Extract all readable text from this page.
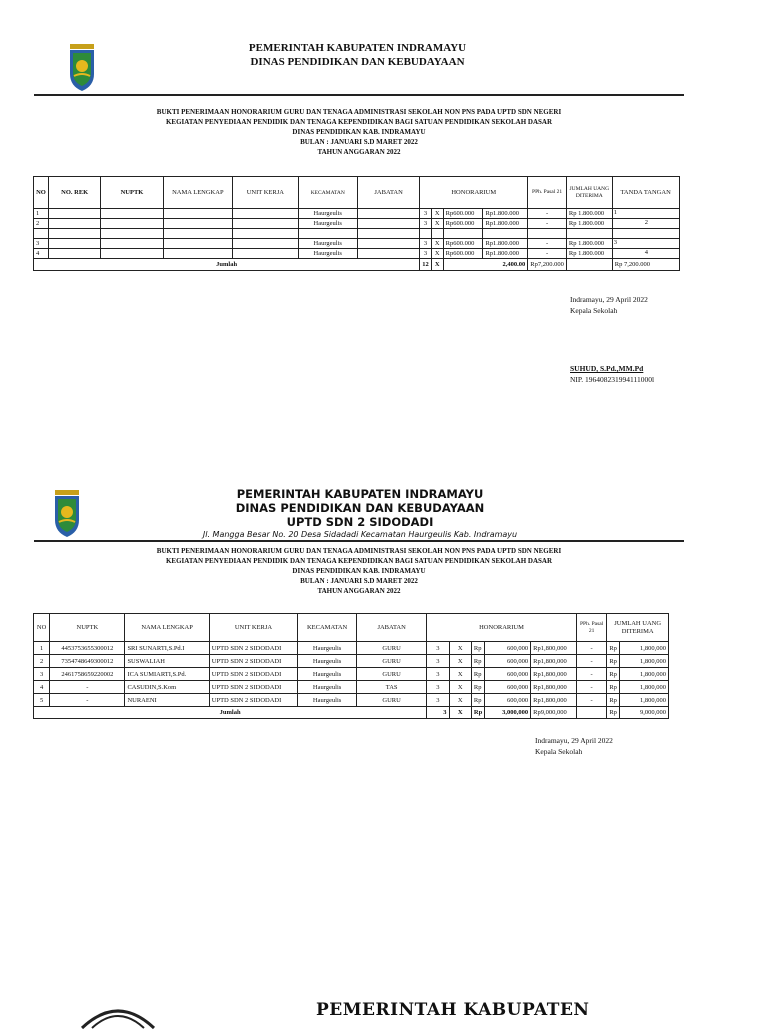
PEMERINTAH KABUPATEN INDRAMAYU
DINAS PENDIDIKAN DAN KEBUDAYAAN
BUKTI PENERIMAAN HONORARIUM GURU DAN TENAGA ADMINISTRASI SEKOLAH NON PNS PADA UPTD SDN NEGERI
KEGIATAN PENYEDIAAN PENDIDIK DAN TENAGA KEPENDIDIKAN BAGI SATUAN PENDIDIKAN SEKOLAH DASAR
DINAS PENDIDIKAN KAB. INDRAMAYU
BULAN : JANUARI S.D MARET 2022
TAHUN ANGGARAN 2022
NO	NO. REK	NUPTK	NAMA LENGKAP	UNIT KERJA	KECAMATAN	JABATAN	HONORARIUM				PPh. Pasal 21	JUMLAH UANG DITERIMA	TANDA TANGAN	
1					Haurgeulis		3	X	Rp600.000	Rp1.800.000	-	Rp 1.800.000	1	

2					Haurgeulis		3	X	Rp600.000	Rp1.800.000	-	Rp 1.800.000	2	

3					Haurgeulis		3	X	Rp600.000	Rp1.800.000	-	Rp 1.800.000	3	

4					Haurgeulis		3	X	Rp600.000	Rp1.800.000	-	Rp 1.800.000	4	

Jumlah							12	X	2,400.00		Rp7,200.000		Rp 7,200.000	
Indramayu, 29 April 2022
Kepala Sekolah
SUHUD, S.Pd.,MM.Pd
NIP. 196408231994111000l
PEMERINTAH KABUPATEN INDRAMAYU
DINAS PENDIDIKAN DAN KEBUDAYAAN
UPTD SDN 2 SIDODADI
Jl. Mangga Besar No. 20 Desa Sidadadi Kecamatan Haurgeulis Kab. Indramayu
BUKTI PENERIMAAN HONORARIUM GURU DAN TENAGA ADMINISTRASI SEKOLAH NON PNS PADA UPTD SDN NEGERI
KEGIATAN PENYEDIAAN PENDIDIK DAN TENAGA KEPENDIDIKAN BAGI SATUAN PENDIDIKAN SEKOLAH DASAR
DINAS PENDIDIKAN KAB. INDRAMAYU
BULAN : JANUARI S.D MARET 2022
TAHUN ANGGARAN 2022
NO	NUPTK	NAMA LENGKAP	UNIT KERJA	KECAMATAN	JABATAN	HONORARIUM					PPh. Pasal 21	JUMLAH UANG DITERIMA	
1	4453753655300012	SRI SUNARTI,S.Pd.I	UPTD SDN 2 SIDODADI	Haurgeulis	GURU	3	X	Rp	600,000	Rp1,800,000	-	Rp	1,800,000
2	7354748649300012	SUSWALIAH	UPTD SDN 2 SIDODADI	Haurgeulis	GURU	3	X	Rp	600,000	Rp1,800,000	-	Rp	1,800,000
3	2461758659220002	ICA SUMIARTI,S.Pd.	UPTD SDN 2 SIDODADI	Haurgeulis	GURU	3	X	Rp	600,000	Rp1,800,000	-	Rp	1,800,000
4	-	CASUDIN,S.Kom	UPTD SDN 2 SIDODADI	Haurgeulis	TAS	3	X	Rp	600,000	Rp1,800,000	-	Rp	1,800,000
5	-	NURAENI	UPTD SDN 2 SIDODADI	Haurgeulis	GURU	3	X	Rp	600,000	Rp1,800,000	-	Rp	1,800,000
Jumlah						3	X	Rp	3,000,000	Rp9,000,000		Rp	9,000,000
Indramayu, 29 April 2022
Kepala Sekolah
PEMERINTAH KABUPATEN
